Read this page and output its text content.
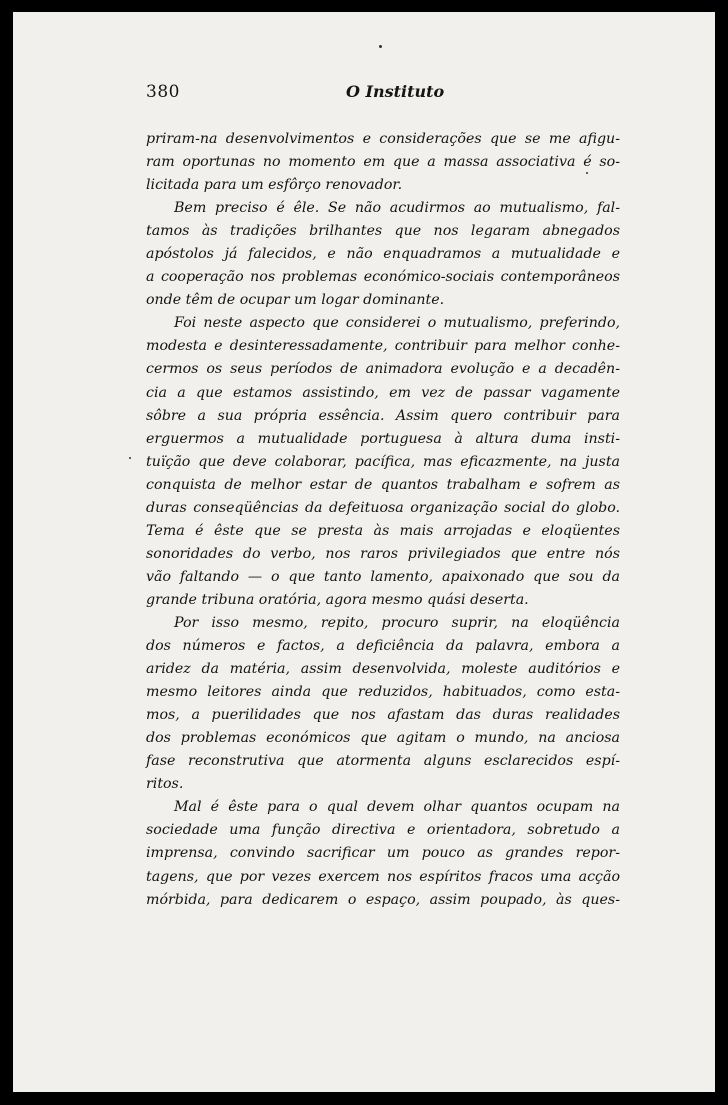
380	O Instituto
priram-na desenvolvimentos e considerações que se me afigu-
ram oportunas no momento em que a massa associativa é so-
licitada para um esfôrço renovador.
Bem preciso é êle. Se não acudirmos ao mutualismo, fal-
tamos às tradições brilhantes que nos legaram abnegados
apóstolos já falecidos, e não enquadramos a mutualidade e
a cooperação nos problemas económico-sociais contemporâneos
onde têm de ocupar um logar dominante.
Foi neste aspecto que considerei o mutualismo, preferindo,
modesta e desinteressadamente, contribuir para melhor conhe-
cermos os seus períodos de animadora evolução e a decadên-
cia a que estamos assistindo, em vez de passar vagamente
sôbre a sua própria essência. Assim quero contribuir para
erguermos a mutualidade portuguesa à altura duma insti-
tuïção que deve colaborar, pacífica, mas eficazmente, na justa
conquista de melhor estar de quantos trabalham e sofrem as
duras conseqüências da defeituosa organização social do globo.
Tema é êste que se presta às mais arrojadas e eloqüentes
sonoridades do verbo, nos raros privilegiados que entre nós
vão faltando — o que tanto lamento, apaixonado que sou da
grande tribuna oratória, agora mesmo quási deserta.
Por isso mesmo, repito, procuro suprir, na eloqüência
dos números e factos, a deficiência da palavra, embora a
aridez da matéria, assim desenvolvida, moleste auditórios e
mesmo leitores ainda que reduzidos, habituados, como esta-
mos, a puerilidades que nos afastam das duras realidades
dos problemas económicos que agitam o mundo, na anciosa
fase reconstrutiva que atormenta alguns esclarecidos espí-
ritos.
Mal é êste para o qual devem olhar quantos ocupam na
sociedade uma função directiva e orientadora, sobretudo a
imprensa, convindo sacrificar um pouco as grandes repor-
tagens, que por vezes exercem nos espíritos fracos uma acção
mórbida, para dedicarem o espaço, assim poupado, às ques-
